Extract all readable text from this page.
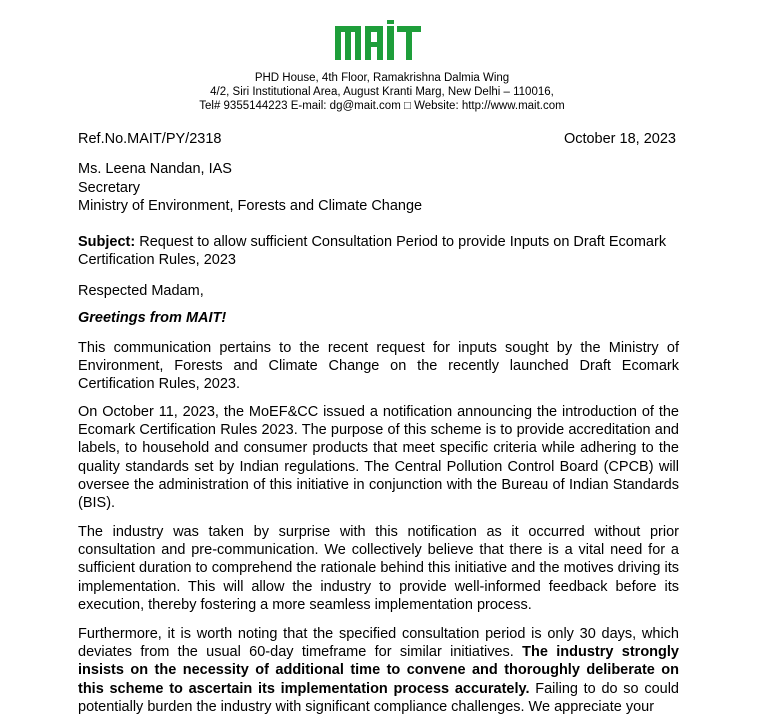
PHD House, 4th Floor, Ramakrishna Dalmia Wing
4/2, Siri Institutional Area, August Kranti Marg, New Delhi – 110016,
Tel# 9355144223 E-mail: dg@mait.com □ Website: http://www.mait.com
Ref.No.MAIT/PY/2318	October 18, 2023
Ms. Leena Nandan, IAS
Secretary
Ministry of Environment, Forests and Climate Change
Subject: Request to allow sufficient Consultation Period to provide Inputs on Draft Ecomark Certification Rules, 2023
Respected Madam,
Greetings from MAIT!
This communication pertains to the recent request for inputs sought by the Ministry of Environment, Forests and Climate Change on the recently launched Draft Ecomark Certification Rules, 2023.
On October 11, 2023, the MoEF&CC issued a notification announcing the introduction of the Ecomark Certification Rules 2023. The purpose of this scheme is to provide accreditation and labels, to household and consumer products that meet specific criteria while adhering to the quality standards set by Indian regulations. The Central Pollution Control Board (CPCB) will oversee the administration of this initiative in conjunction with the Bureau of Indian Standards (BIS).
The industry was taken by surprise with this notification as it occurred without prior consultation and pre-communication. We collectively believe that there is a vital need for a sufficient duration to comprehend the rationale behind this initiative and the motives driving its implementation. This will allow the industry to provide well-informed feedback before its execution, thereby fostering a more seamless implementation process.
Furthermore, it is worth noting that the specified consultation period is only 30 days, which deviates from the usual 60-day timeframe for similar initiatives. The industry strongly insists on the necessity of additional time to convene and thoroughly deliberate on this scheme to ascertain its implementation process accurately. Failing to do so could potentially burden the industry with significant compliance challenges. We appreciate your
